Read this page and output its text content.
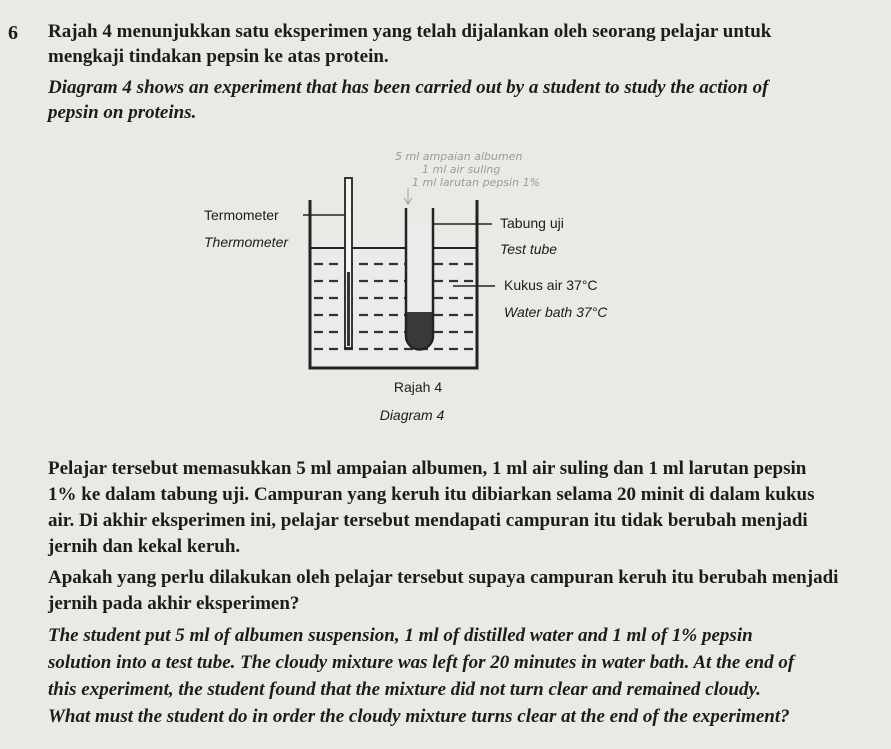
6 Rajah 4 menunjukkan satu eksperimen yang telah dijalankan oleh seorang pelajar untuk
mengkaji tindakan pepsin ke atas protein.
Diagram 4 shows an experiment that has been carried out by a student to study the action of
pepsin on proteins.
5 ml ampaian albumen
1 ml air suling
1 ml larutan pepsin 1%
Termometer
Thermometer
Tabung uji
Test tube
Kukus air 37°C
Water bath 37°C
Rajah 4
Diagram 4
Pelajar tersebut memasukkan 5 ml ampaian albumen, 1 ml air suling dan 1 ml larutan pepsin
1% ke dalam tabung uji. Campuran yang keruh itu dibiarkan selama 20 minit di dalam kukus
air. Di akhir eksperimen ini, pelajar tersebut mendapati campuran itu tidak berubah menjadi
jernih dan kekal keruh.
Apakah yang perlu dilakukan oleh pelajar tersebut supaya campuran keruh itu berubah menjadi
jernih pada akhir eksperimen?
The student put 5 ml of albumen suspension, 1 ml of distilled water and 1 ml of 1% pepsin
solution into a test tube. The cloudy mixture was left for 20 minutes in water bath. At the end of
this experiment, the student found that the mixture did not turn clear and remained cloudy.
What must the student do in order the cloudy mixture turns clear at the end of the experiment?
